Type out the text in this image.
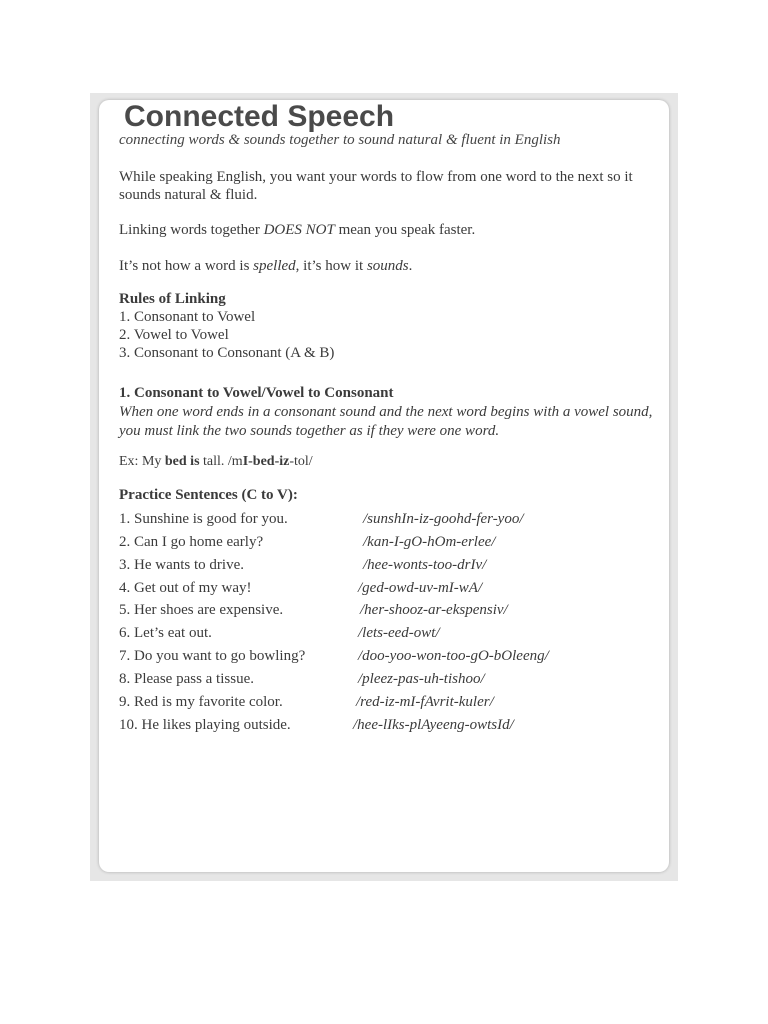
Connected Speech
connecting words & sounds together to sound natural & fluent in English
While speaking English, you want your words to flow from one word to the next so it sounds natural & fluid.
Linking words together DOES NOT mean you speak faster.
It’s not how a word is spelled, it’s how it sounds.
Rules of Linking
1. Consonant to Vowel
2. Vowel to Vowel
3. Consonant to Consonant (A & B)
1. Consonant to Vowel/Vowel to Consonant
When one word ends in a consonant sound and the next word begins with a vowel sound, you must link the two sounds together as if they were one word.
Ex: My bed is tall. /mI-bed-iz-tol/
Practice Sentences (C to V):
1. Sunshine is good for you.	/sunshIn-iz-goohd-fer-yoo/
2. Can I go home early?	/kan-I-gO-hOm-erlee/
3. He wants to drive.	/hee-wonts-too-drIv/
4. Get out of my way!	/ged-owd-uv-mI-wA/
5. Her shoes are expensive.	/her-shooz-ar-ekspensiv/
6. Let’s eat out.	/lets-eed-owt/
7. Do you want to go bowling?	/doo-yoo-won-too-gO-bOleeng/
8. Please pass a tissue.	/pleez-pas-uh-tishoo/
9. Red is my favorite color.	/red-iz-mI-fAvrit-kuler/
10. He likes playing outside.	/hee-lIks-plAyeeng-owtsId/
